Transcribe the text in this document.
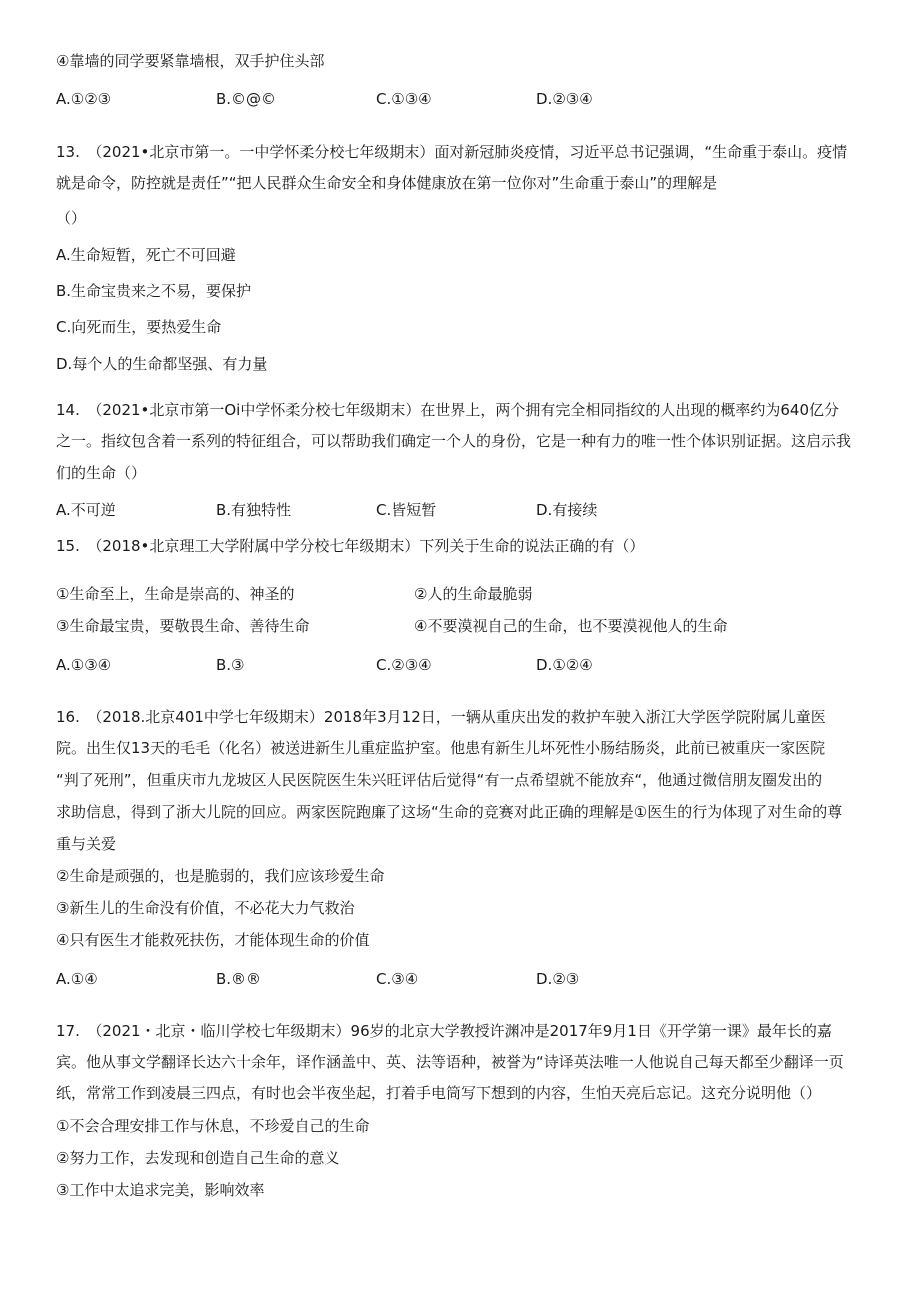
④靠墙的同学要紧靠墙根，双手护住头部
A.①②③	B.©@©	C.①③④	D.②③④
13.　（2021•北京市第一。一中学怀柔分校七年级期末）面对新冠肺炎疫情，习近平总书记强调，“生命重于泰山。疫情
就是命令，防控就是责任”“把人民群众生命安全和身体健康放在第一位你对”生命重于泰山”的理解是
（）
A.生命短暂，死亡不可回避
B.生命宝贵来之不易，要保护
C.向死而生，要热爱生命
D.每个人的生命都坚强、有力量
14.　（2021•北京市第一Oi中学怀柔分校七年级期末）在世界上，两个拥有完全相同指纹的人出现的概率约为640亿分
之一。指纹包含着一系列的特征组合，可以帮助我们确定一个人的身份，它是一种有力的唯一性个体识别证据。这启示我
们的生命（）
A.不可逆	B.有独特性	C.皆短暂	D.有接续
15.　（2018•北京理工大学附属中学分校七年级期末）下列关于生命的说法正确的有（）
①生命至上，生命是崇高的、神圣的	②人的生命最脆弱
③生命最宝贵，要敬畏生命、善待生命	④不要漠视自己的生命，也不要漠视他人的生命
A.①③④	B.③	C.②③④	D.①②④
16.　（2018.北京401中学七年级期末）2018年3月12日，一辆从重庆出发的救护车驶入浙江大学医学院附属儿童医
院。出生仅13天的毛毛（化名）被送进新生儿重症监护室。他患有新生儿坏死性小肠结肠炎，此前已被重庆一家医院
“判了死刑”，但重庆市九龙坡区人民医院医生朱兴旺评估后觉得“有一点希望就不能放弃“，他通过微信朋友圈发出的
求助信息，得到了浙大儿院的回应。两家医院跑廉了这场“生命的竞赛对此正确的理解是①医生的行为体现了对生命的尊
重与关爱
②生命是顽强的，也是脆弱的，我们应该珍爱生命
③新生儿的生命没有价值，不必花大力气救治
④只有医生才能救死扶伤，才能体现生命的价值
A.①④	B.®®	C.③④	D.②③
17.　（2021・北京・临川学校七年级期末）96岁的北京大学教授许渊冲是2017年9月1日《开学第一课》最年长的嘉
宾。他从事文学翻译长达六十余年，译作涵盖中、英、法等语种，被誉为“诗译英法唯一人他说自己每天都至少翻译一页
纸，常常工作到凌晨三四点，有时也会半夜坐起，打着手电筒写下想到的内容，生怕天亮后忘记。这充分说明他（）
①不会合理安排工作与休息，不珍爱自己的生命
②努力工作，去发现和创造自己生命的意义
③工作中太追求完美，影响效率
